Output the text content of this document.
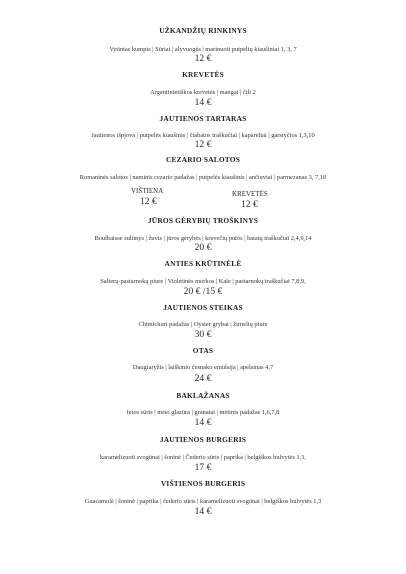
UŽKANDŽIŲ RINKINYS
Vytintas kumpis | Sūriai | alyvuogės | marinuoti putpelių kiaušiniai 1, 3, 7
12 €
KREVETĖS
Argentinietiškos krevetės | mangai | čili 2
14 €
JAUTIENOS TARTARAS
Jautienos išpjova | putpelės kiaušinis | čiabatos traškučiai | kaparėliai | garstyčios 1,3,10
12 €
CEZARIO SALOTOS
Romaninės salotos | naminis cezario padažas | putpelės kiaušinis | ančiuviai | parmezanas 3, 7,10
VIŠTIENA
12 €
KREVETĖS
12 €
JŪROS GĖRYBIŲ TROŠKINYS
Boulbaisse sultinys | žuvis | jūros gėrybės | krevečių putos | batatų traškučiai 2,4,9,14
20 €
ANTIES KRŪTINĖLĖ
Salierų-pastarnokų piure | Violetinės morkos | Kale | pastarnokų traškučiai 7,8,9,
20 € /15 €
JAUTIENOS STEIKAS
Chimichuri padažas | Oyster grybai | žirnelių piure
30 €
OTAS
Daugiaryžis | laiškinio česnako emulsija | apelsinas 4,7
24 €
BAKLAŽANAS
fetos sūris | miso glazūra | granatai | mėtinis padažas 1,6,7,8
14 €
JAUTIENOS BURGERIS
karamelizuoti svogūnai | šoninė | Čederio sūris | paprika | belgiškos bulvytės 1,3,
17 €
VIŠTIENOS BURGERIS
Guacamolė | šoninė | paprika | čederio sūris | karamelizuoti svogūnai | belgiškos bulvytės 1,3
14 €
